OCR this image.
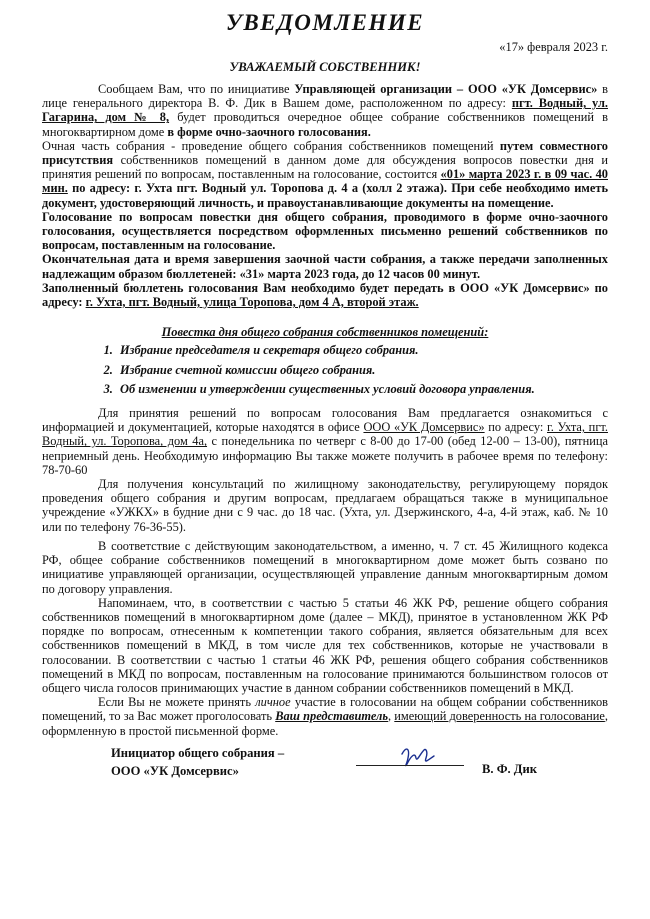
УВЕДОМЛЕНИЕ
«17» февраля 2023 г.
УВАЖАЕМЫЙ СОБСТВЕННИК!

Сообщаем Вам, что по инициативе Управляющей организации – ООО «УК Домсервис» в лице генерального директора В. Ф. Дик в Вашем доме, расположенном по адресу: пгт. Водный, ул. Гагарина, дом № 8, будет проводиться очередное общее собрание собственников помещений в многоквартирном доме в форме очно-заочного голосования.

Очная часть собрания - проведение общего собрания собственников помещений путем совместного присутствия собственников помещений в данном доме для обсуждения вопросов повестки дня и принятия решений по вопросам, поставленным на голосование, состоится «01» марта 2023 г. в 09 час. 40 мин. по адресу: г. Ухта пгт. Водный ул. Торопова д. 4 а (холл 2 этажа). При себе необходимо иметь документ, удостоверяющий личность, и правоустанавливающие документы на помещение.

Голосование по вопросам повестки дня общего собрания, проводимого в форме очно-заочного голосования, осуществляется посредством оформленных письменно решений собственников по вопросам, поставленным на голосование.

Окончательная дата и время завершения заочной части собрания, а также передачи заполненных надлежащим образом бюллетеней: «31» марта 2023 года, до 12 часов 00 минут.

Заполненный бюллетень голосования Вам необходимо будет передать в ООО «УК Домсервис» по адресу: г. Ухта, пгт. Водный, улица Торопова, дом 4 А, второй этаж.

Повестка дня общего собрания собственников помещений:

1. Избрание председателя и секретаря общего собрания.
2. Избрание счетной комиссии общего собрания.
3. Об изменении и утверждении существенных условий договора управления.

Для принятия решений по вопросам голосования Вам предлагается ознакомиться с информацией и документацией, которые находятся в офисе ООО «УК Домсервис» по адресу: г. Ухта, пгт. Водный, ул. Торопова, дом 4а, с понедельника по четверг с 8-00 до 17-00 (обед 12-00 – 13-00), пятница неприемный день. Необходимую информацию Вы также можете получить в рабочее время по телефону: 78-70-60

Для получения консультаций по жилищному законодательству, регулирующему порядок проведения общего собрания и другим вопросам, предлагаем обращаться также в муниципальное учреждение «УЖКХ» в будние дни с 9 час. до 18 час. (Ухта, ул. Дзержинского, 4-а, 4-й этаж, каб. № 10 или по телефону 76-36-55).

В соответствие с действующим законодательством, а именно, ч. 7 ст. 45 Жилищного кодекса РФ, общее собрание собственников помещений в многоквартирном доме может быть созвано по инициативе управляющей организации, осуществляющей управление данным многоквартирным домом по договору управления.

Напоминаем, что, в соответствии с частью 5 статьи 46 ЖК РФ, решение общего собрания собственников помещений в многоквартирном доме (далее – МКД), принятое в установленном ЖК РФ порядке по вопросам, отнесенным к компетенции такого собрания, является обязательным для всех собственников помещений в МКД, в том числе для тех собственников, которые не участвовали в голосовании. В соответствии с частью 1 статьи 46 ЖК РФ, решения общего собрания собственников помещений в МКД по вопросам, поставленным на голосование принимаются большинством голосов от общего числа голосов принимающих участие в данном собрании собственников помещений в МКД.

Если Вы не можете принять личное участие в голосовании на общем собрании собственников помещений, то за Вас может проголосовать Ваш представитель, имеющий доверенность на голосование, оформленную в простой письменной форме.

Инициатор общего собрания –
ООО «УК Домсервис»	В. Ф. Дик
